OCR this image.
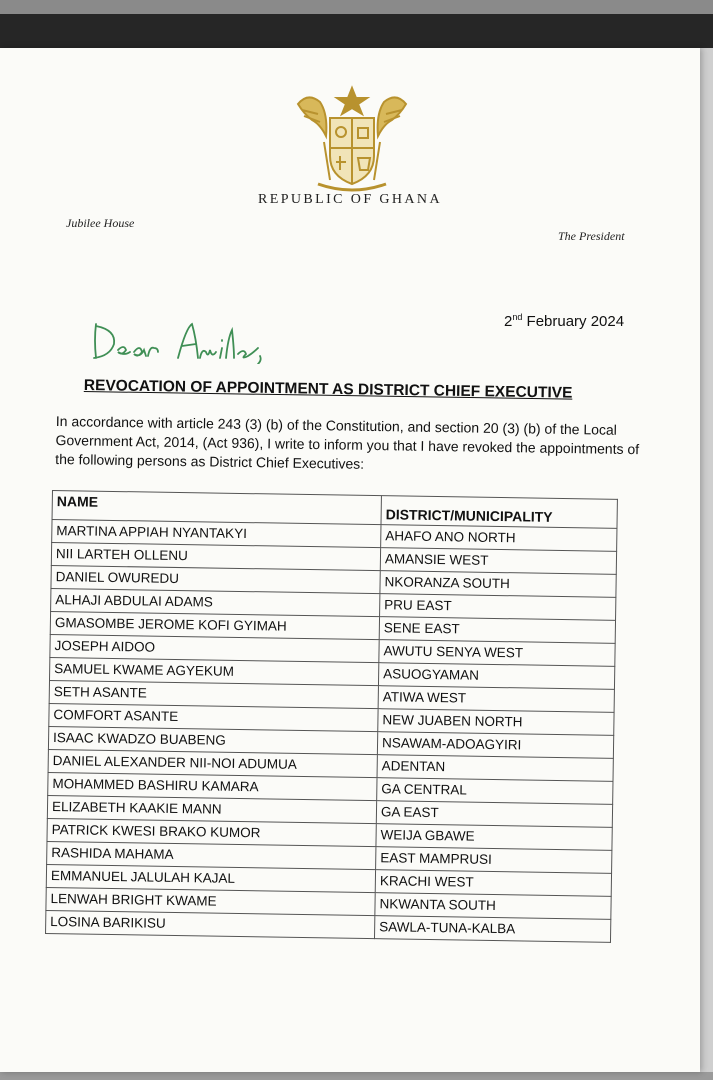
REPUBLIC OF GHANA
Jubilee House
The President
2nd February 2024
REVOCATION OF APPOINTMENT AS DISTRICT CHIEF EXECUTIVE
In accordance with article 243 (3) (b) of the Constitution, and section 20 (3) (b) of the Local Government Act, 2014, (Act 936), I write to inform you that I have revoked the appointments of the following persons as District Chief Executives:
NAME	DISTRICT/MUNICIPALITY
MARTINA APPIAH NYANTAKYI	AHAFO ANO NORTH
NII LARTEH OLLENU	AMANSIE WEST
DANIEL OWUREDU	NKORANZA SOUTH
ALHAJI ABDULAI ADAMS	PRU EAST
GMASOMBE JEROME KOFI GYIMAH	SENE EAST
JOSEPH AIDOO	AWUTU SENYA WEST
SAMUEL KWAME AGYEKUM	ASUOGYAMAN
SETH ASANTE	ATIWA WEST
COMFORT ASANTE	NEW JUABEN NORTH
ISAAC KWADZO BUABENG	NSAWAM-ADOAGYIRI
DANIEL ALEXANDER NII-NOI ADUMUA	ADENTAN
MOHAMMED BASHIRU KAMARA	GA CENTRAL
ELIZABETH KAAKIE MANN	GA EAST
PATRICK KWESI BRAKO KUMOR	WEIJA GBAWE
RASHIDA MAHAMA	EAST MAMPRUSI
EMMANUEL JALULAH KAJAL	KRACHI WEST
LENWAH BRIGHT KWAME	NKWANTA SOUTH
LOSINA BARIKISU	SAWLA-TUNA-KALBA
